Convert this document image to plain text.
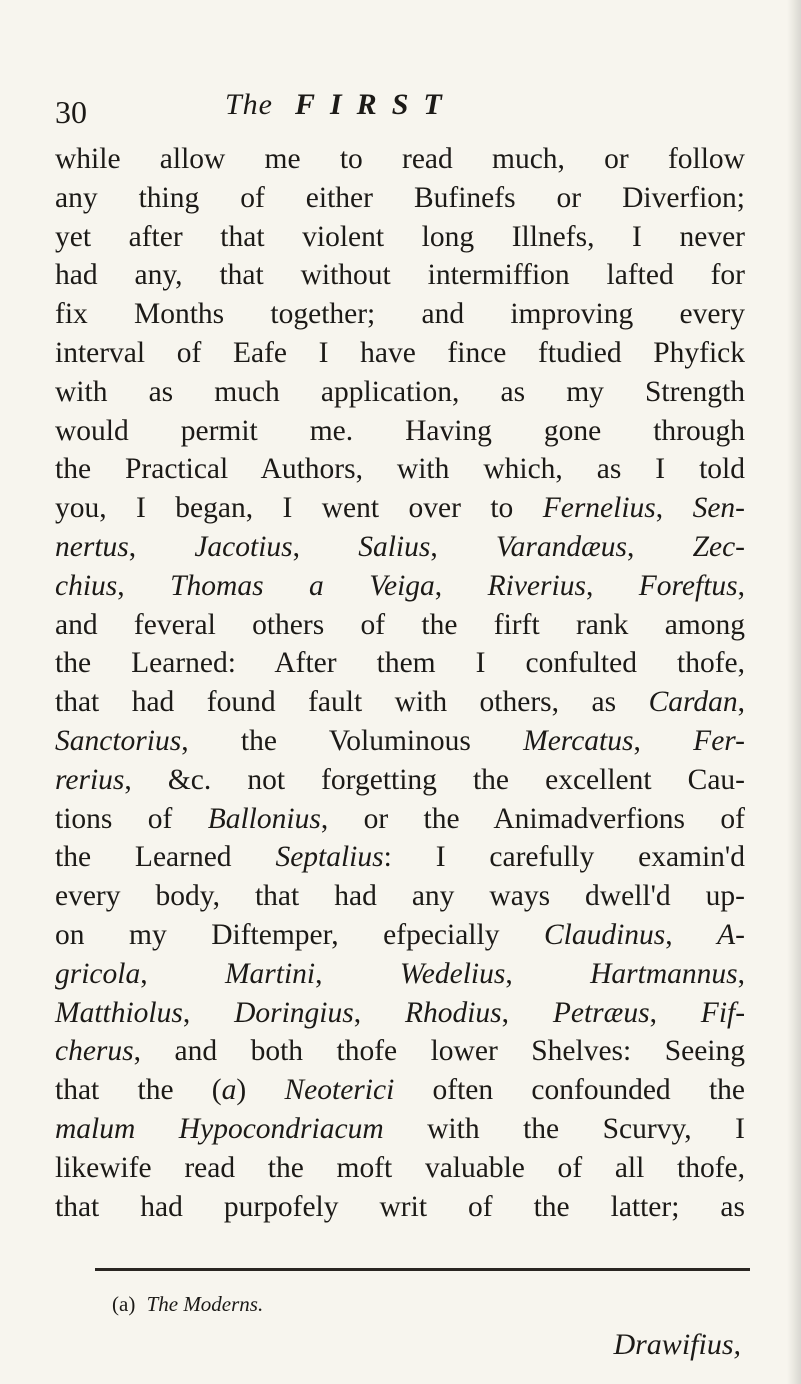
30	The FIRST
while allow me to read much, or follow
any thing of either Bufinefs or Diverfion;
yet after that violent long Illnefs, I never
had any, that without intermiffion lafted for
fix Months together; and improving every
interval of Eafe I have fince ftudied Phyfick
with as much application, as my Strength
would permit me. Having gone through
the Practical Authors, with which, as I told
you, I began, I went over to Fernelius, Sen-
nertus, Jacotius, Salius, Varandæus, Zec-
chius, Thomas a Veiga, Riverius, Foreftus,
and feveral others of the firft rank among
the Learned: After them I confulted thofe,
that had found fault with others, as Cardan,
Sanctorius, the Voluminous Mercatus, Fer-
rerius, &c. not forgetting the excellent Cau-
tions of Ballonius, or the Animadverfions of
the Learned Septalius: I carefully examin'd
every body, that had any ways dwell'd up-
on my Diftemper, efpecially Claudinus, A-
gricola, Martini, Wedelius, Hartmannus,
Matthiolus, Doringius, Rhodius, Petræus, Fif-
cherus, and both thofe lower Shelves: Seeing
that the (a) Neoterici often confounded the
malum Hypocondriacum with the Scurvy, I
likewife read the moft valuable of all thofe,
that had purpofely writ of the latter; as
(a) The Moderns.
Drawifius,
